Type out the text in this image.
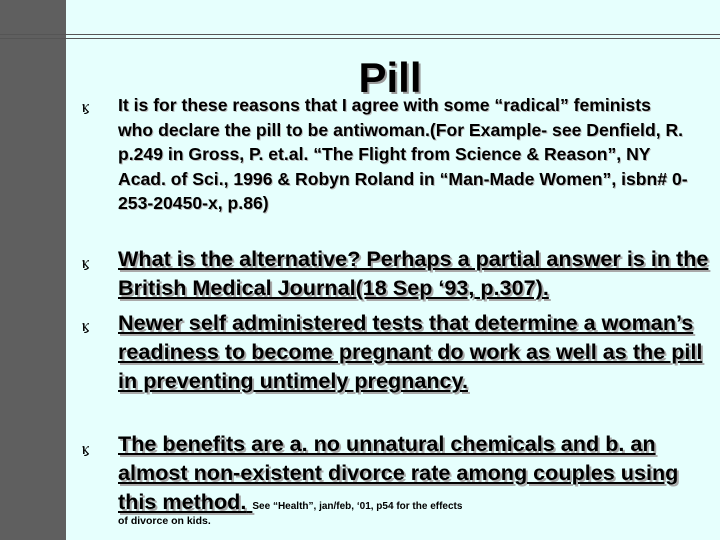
Pill
ⳤ It is for these reasons that I agree with some “radical” feminists who declare the pill to be antiwoman.(For Example- see Denfield, R. p.249 in Gross, P. et.al. “The Flight from Science & Reason”, NY Acad. of Sci., 1996 & Robyn Roland in “Man-Made Women”, isbn# 0-253-20450-x, p.86)

ⳤ What is the alternative? Perhaps a partial answer is in the British Medical Journal(18 Sep ‘93, p.307).

ⳤ Newer self administered tests that determine a woman’s readiness to become pregnant do work as well as the pill in preventing untimely pregnancy.

ⳤ The benefits are a. no unnatural chemicals and b. an almost non-existent divorce rate among couples using this method. See “Health”, jan/feb, ‘01, p54 for the effects

of divorce on kids.
